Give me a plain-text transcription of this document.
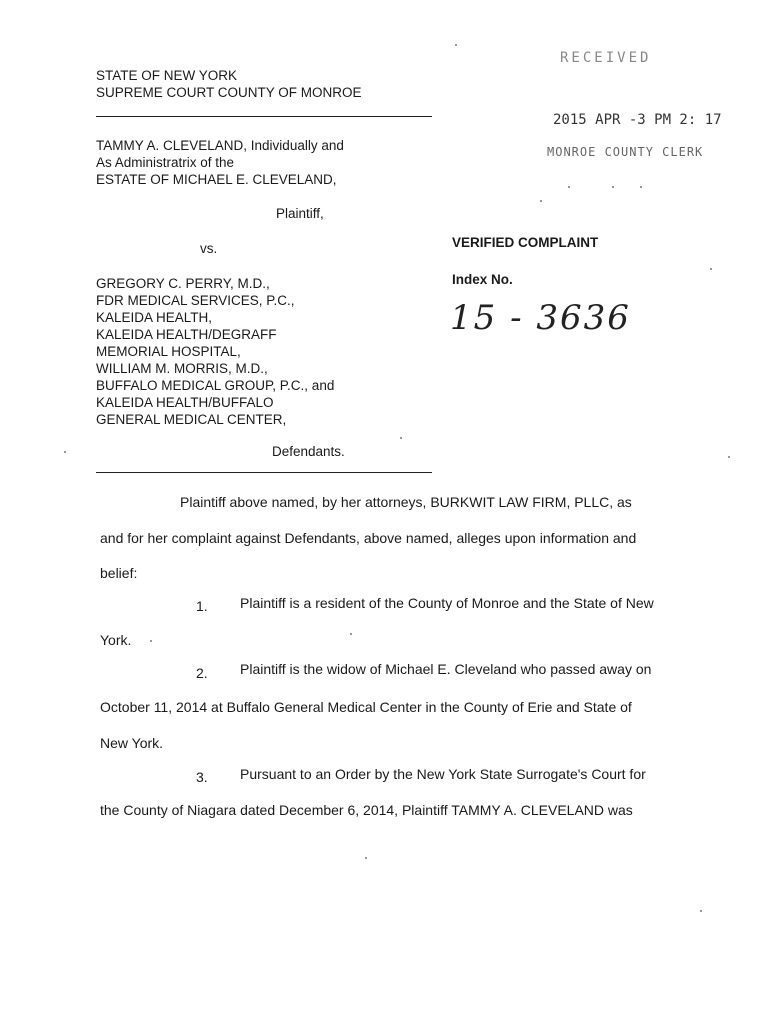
STATE OF NEW YORK
SUPREME COURT COUNTY OF MONROE
RECEIVED
2015 APR -3 PM 2: 17
MONROE COUNTY CLERK
TAMMY A. CLEVELAND, Individually and
As Administratrix of the
ESTATE OF MICHAEL E. CLEVELAND,
Plaintiff,
vs.	VERIFIED COMPLAINT
Index No.
15 - 3636
GREGORY C. PERRY, M.D.,
FDR MEDICAL SERVICES, P.C.,
KALEIDA HEALTH,
KALEIDA HEALTH/DEGRAFF
MEMORIAL HOSPITAL,
WILLIAM M. MORRIS, M.D.,
BUFFALO MEDICAL GROUP, P.C., and
KALEIDA HEALTH/BUFFALO
GENERAL MEDICAL CENTER,
Defendants.
Plaintiff above named, by her attorneys, BURKWIT LAW FIRM, PLLC, as
and for her complaint against Defendants, above named, alleges upon information and
belief:
1. Plaintiff is a resident of the County of Monroe and the State of New
York.
2. Plaintiff is the widow of Michael E. Cleveland who passed away on
October 11, 2014 at Buffalo General Medical Center in the County of Erie and State of
New York.
3. Pursuant to an Order by the New York State Surrogate's Court for
the County of Niagara dated December 6, 2014, Plaintiff TAMMY A. CLEVELAND was
